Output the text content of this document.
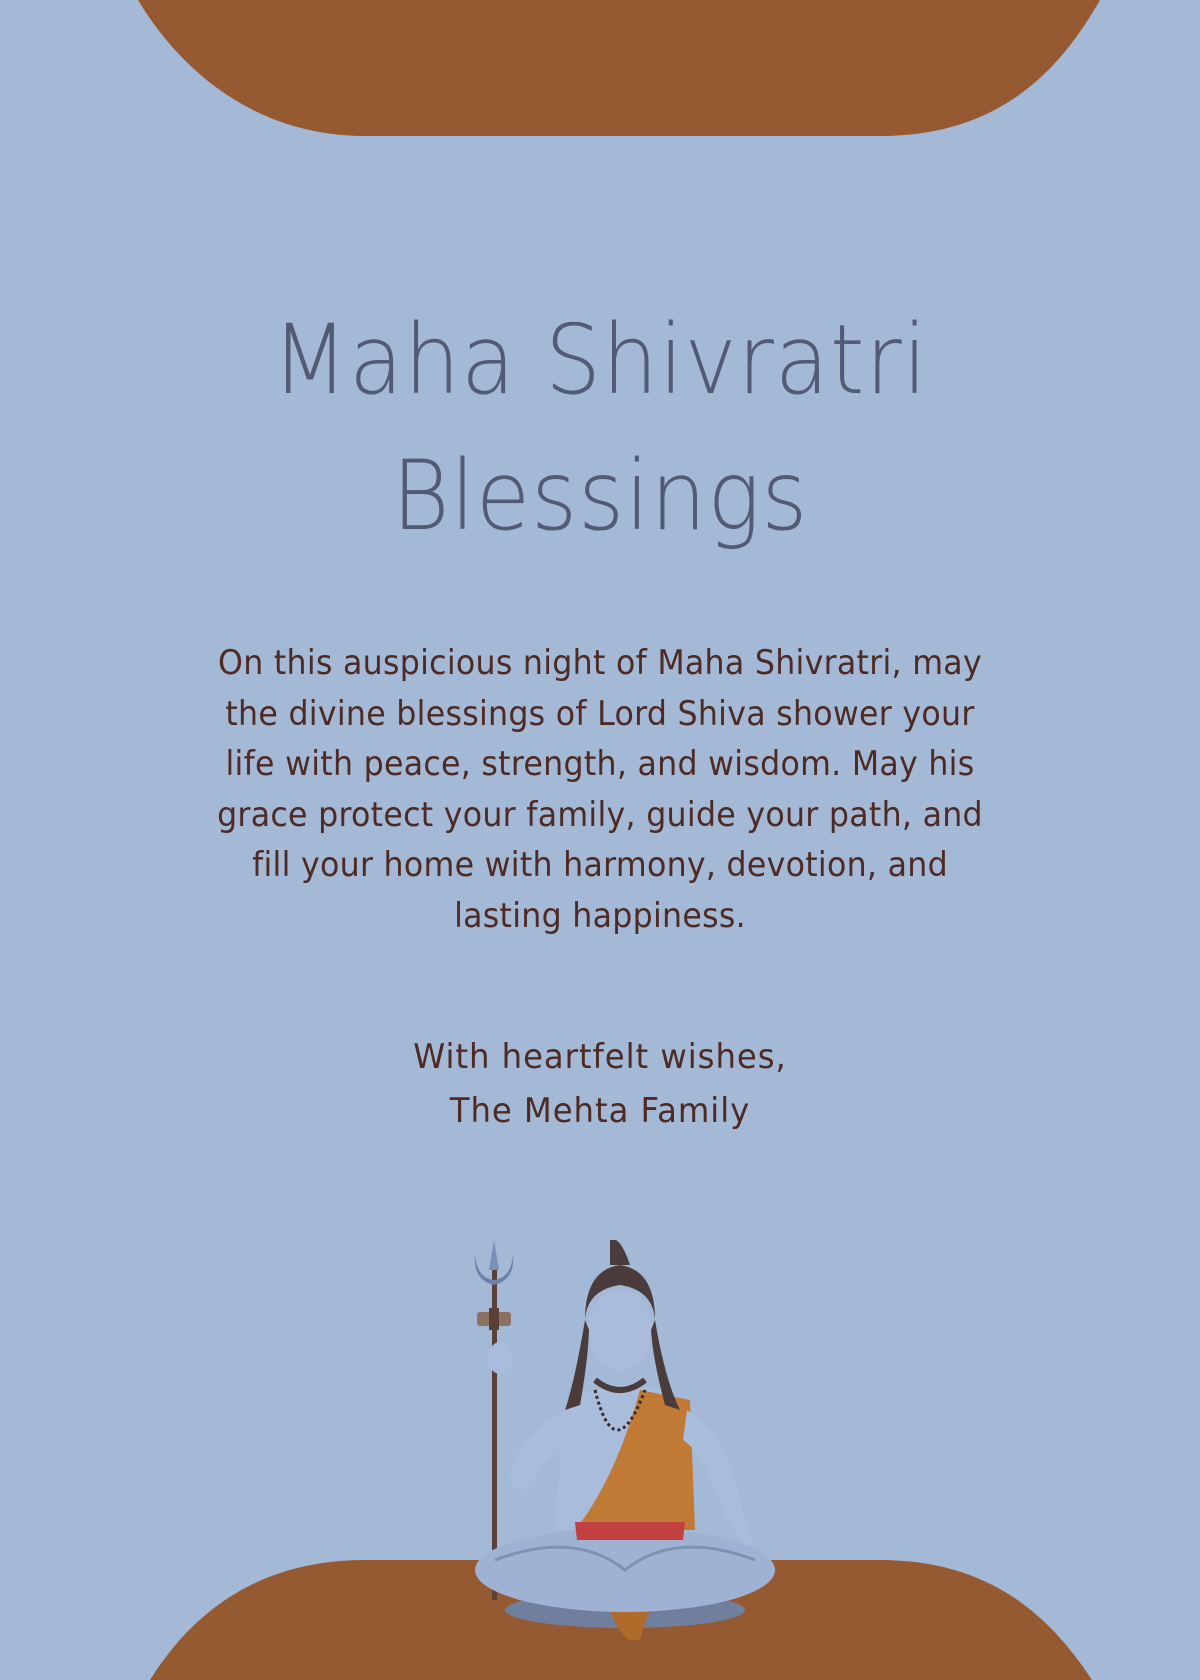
Maha Shivratri
Blessings
On this auspicious night of Maha Shivratri, may the divine blessings of Lord Shiva shower your life with peace, strength, and wisdom. May his grace protect your family, guide your path, and fill your home with harmony, devotion, and lasting happiness.
With heartfelt wishes,
The Mehta Family
